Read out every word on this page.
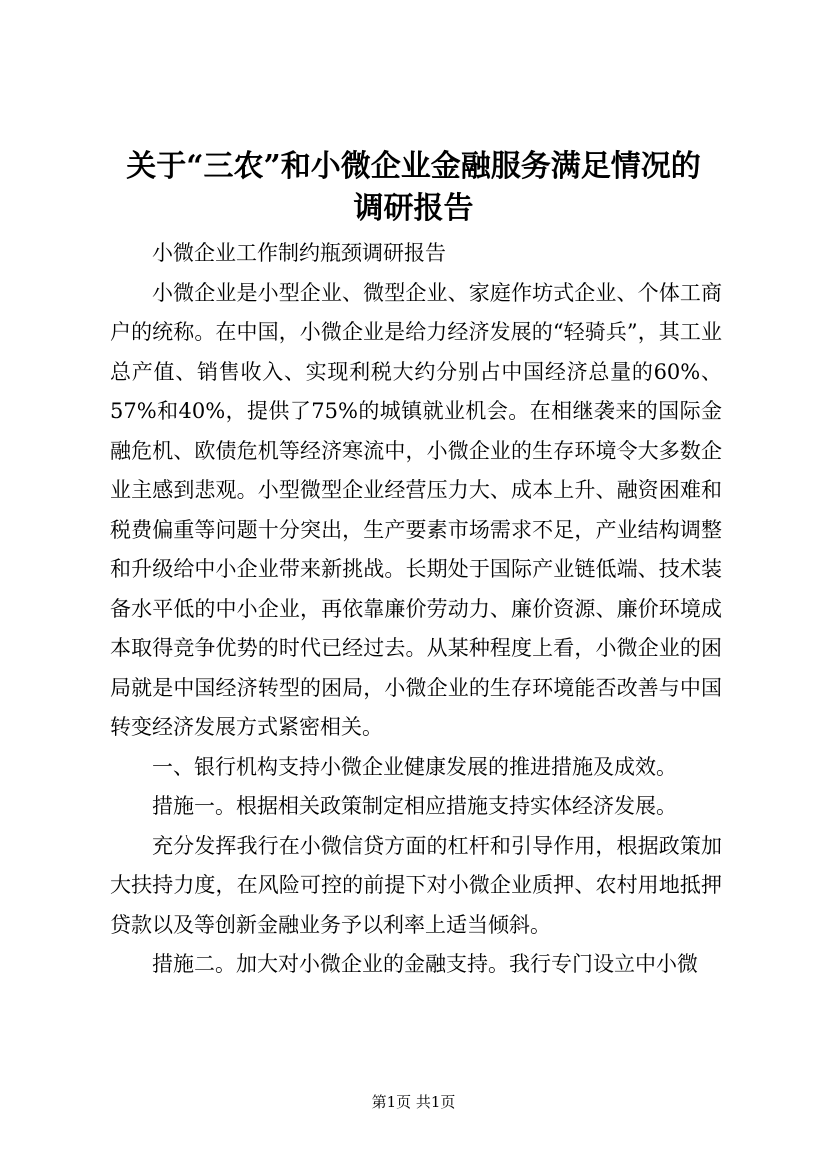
关于“三农”和小微企业金融服务满足情况的
调研报告

小微企业工作制约瓶颈调研报告

小微企业是小型企业、微型企业、家庭作坊式企业、个体工商户的统称。在中国，小微企业是给力经济发展的“轻骑兵”，其工业总产值、销售收入、实现利税大约分别占中国经济总量的60%、57%和40%，提供了75%的城镇就业机会。在相继袭来的国际金融危机、欧债危机等经济寒流中，小微企业的生存环境令大多数企业主感到悲观。小型微型企业经营压力大、成本上升、融资困难和税费偏重等问题十分突出，生产要素市场需求不足，产业结构调整和升级给中小企业带来新挑战。长期处于国际产业链低端、技术装备水平低的中小企业，再依靠廉价劳动力、廉价资源、廉价环境成本取得竞争优势的时代已经过去。从某种程度上看，小微企业的困局就是中国经济转型的困局，小微企业的生存环境能否改善与中国转变经济发展方式紧密相关。

一、银行机构支持小微企业健康发展的推进措施及成效。

措施一。根据相关政策制定相应措施支持实体经济发展。

充分发挥我行在小微信贷方面的杠杆和引导作用，根据政策加大扶持力度，在风险可控的前提下对小微企业质押、农村用地抵押贷款以及等创新金融业务予以利率上适当倾斜。

措施二。加大对小微企业的金融支持。我行专门设立中小微

第1页 共1页
